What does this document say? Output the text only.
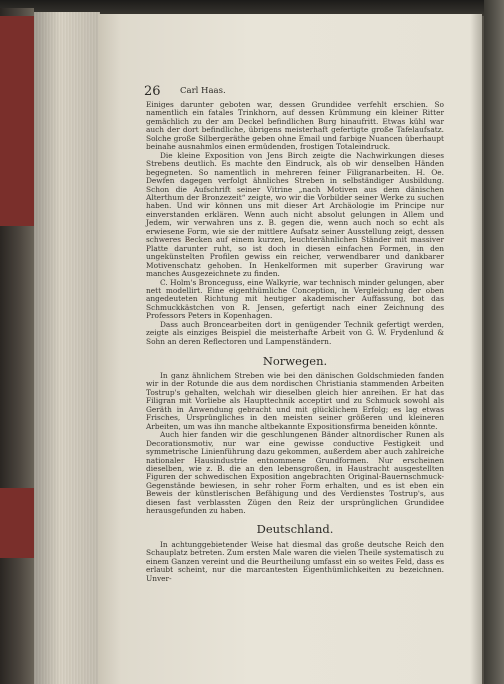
26 Carl Haas.

Einiges darunter geboten war, dessen Grundidee verfehlt erschien. So namentlich ein fatales Trinkhorn, auf dessen Krümmung ein kleiner Ritter gemächlich zu der am Deckel befindlichen Burg hinaufritt. Etwas kühl war auch der dort befindliche, übrigens meisterhaft gefertigte große Tafelaufsatz. Solche große Silbergeräthe geben ohne Email und farbige Nuancen überhaupt beinahe ausnahmlos einen ermüdenden, frostigen Totaleindruck.

Die kleine Exposition von Jens Birch zeigte die Nachwirkungen dieses Strebens deutlich. Es machte den Eindruck, als ob wir denselben Händen begegneten. So namentlich in mehreren feiner Filigranarbeiten. H. Oe. Dewfen dagegen verfolgt ähnliches Streben in selbständiger Ausbildung. Schon die Aufschrift seiner Vitrine „nach Motiven aus dem dänischen Alterthum der Bronzezeit“ zeigte, wo wir die Vorbilder seiner Werke zu suchen haben. Und wir können uns mit dieser Art Archäologie im Principe nur einverstanden erklären. Wenn auch nicht absolut gelungen in Allem und Jedem, wir verwahren uns z. B. gegen die, wenn auch noch so echt als erwiesene Form, wie sie der mittlere Aufsatz seiner Ausstellung zeigt, dessen schweres Becken auf einem kurzen, leuchterähnlichen Ständer mit massiver Platte darunter ruht, so ist doch in diesen einfachen Formen, in den ungekünstelten Profilen gewiss ein reicher, verwendbarer und dankbarer Motivenschatz gehoben. In Henkelformen mit superber Gravirung war manches Ausgezeichnete zu finden.

C. Holm's Bronceguss, eine Walkyrie, war technisch minder gelungen, aber nett modellirt. Eine eigenthümliche Conception, in Vergleichung der oben angedeuteten Richtung mit heutiger akademischer Auffassung, bot das Schmuckkästchen von R. Jensen, gefertigt nach einer Zeichnung des Professors Peters in Kopenhagen.

Dass auch Broncearbeiten dort in genügender Technik gefertigt werden, zeigte als einziges Beispiel die meisterhafte Arbeit von G. W. Frydenlund & Sohn an deren Reflectoren und Lampenständern.

Norwegen.

In ganz ähnlichem Streben wie bei den dänischen Goldschmieden fanden wir in der Rotunde die aus dem nordischen Christiania stammenden Arbeiten Tostrup's gehalten, welchah wir dieselben gleich hier anreihen. Er hat das Filigran mit Vorliebe als Haupttechnik acceptirt und zu Schmuck sowohl als Geräth in Anwendung gebracht und mit glücklichem Erfolg; es lag etwas Frisches, Ursprüngliches in den meisten seiner größeren und kleineren Arbeiten, um was ihn manche altbekannte Expositionsfirma beneiden könnte.

Auch hier fanden wir die geschlungenen Bänder altnordischer Runen als Decorationsmotiv, nur war eine gewisse conductive Festigkeit und symmetrische Linienführung dazu gekommen, außerdem aber auch zahlreiche nationaler Hausindustrie entnommene Grundformen. Nur erscheinen dieselben, wie z. B. die an den lebensgroßen, in Haustracht ausgestellten Figuren der schwedischen Exposition angebrachten Original-Bauernschmuck-Gegenstände bewiesen, in sehr roher Form erhalten, und es ist eben ein Beweis der künstlerischen Befähigung und des Verdienstes Tostrup's, aus diesen fast verblassten Zügen den Reiz der ursprünglichen Grundidee herausgefunden zu haben.

Deutschland.

In achtunggebietender Weise hat diesmal das große deutsche Reich den Schauplatz betreten. Zum ersten Male waren die vielen Theile systematisch zu einem Ganzen vereint und die Beurtheilung umfasst ein so weites Feld, dass es erlaubt scheint, nur die marcantesten Eigenthümlichkeiten zu bezeichnen. Unver-
